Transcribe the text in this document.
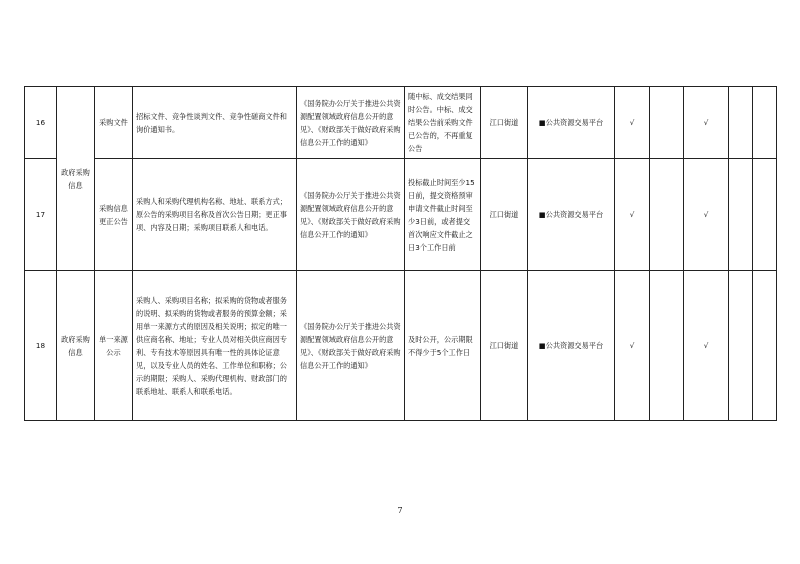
16	政府采购信息	采购文件	招标文件、竞争性谈判文件、竞争性磋商文件和询价通知书。	《国务院办公厅关于推进公共资源配置领域政府信息公开的意见》、《财政部关于做好政府采购信息公开工作的通知》	随中标、成交结果同时公告。中标、成交结果公告前采购文件已公告的，不再重复公告	江口街道	■公共资源交易平台	√		√		
17		采购信息更正公告	采购人和采购代理机构名称、地址、联系方式；原公告的采购项目名称及首次公告日期；更正事项、内容及日期；采购项目联系人和电话。	《国务院办公厅关于推进公共资源配置领域政府信息公开的意见》、《财政部关于做好政府采购信息公开工作的通知》	投标截止时间至少15日前，提交资格预审申请文件截止时间至少3日前，或者提交首次响应文件截止之日3个工作日前	江口街道	■公共资源交易平台	√		√		
18	政府采购信息	单一来源公示	采购人、采购项目名称；拟采购的货物或者服务的说明、拟采购的货物或者服务的预算金额；采用单一来源方式的原因及相关说明；拟定的唯一供应商名称、地址；专业人员对相关供应商因专利、专有技术等原因具有唯一性的具体论证意见，以及专业人员的姓名、工作单位和职称；公示的期限；采购人、采购代理机构、财政部门的联系地址、联系人和联系电话。	《国务院办公厅关于推进公共资源配置领域政府信息公开的意见》、《财政部关于做好政府采购信息公开工作的通知》	及时公开，公示期限不得少于5个工作日	江口街道	■公共资源交易平台	√		√		
7
